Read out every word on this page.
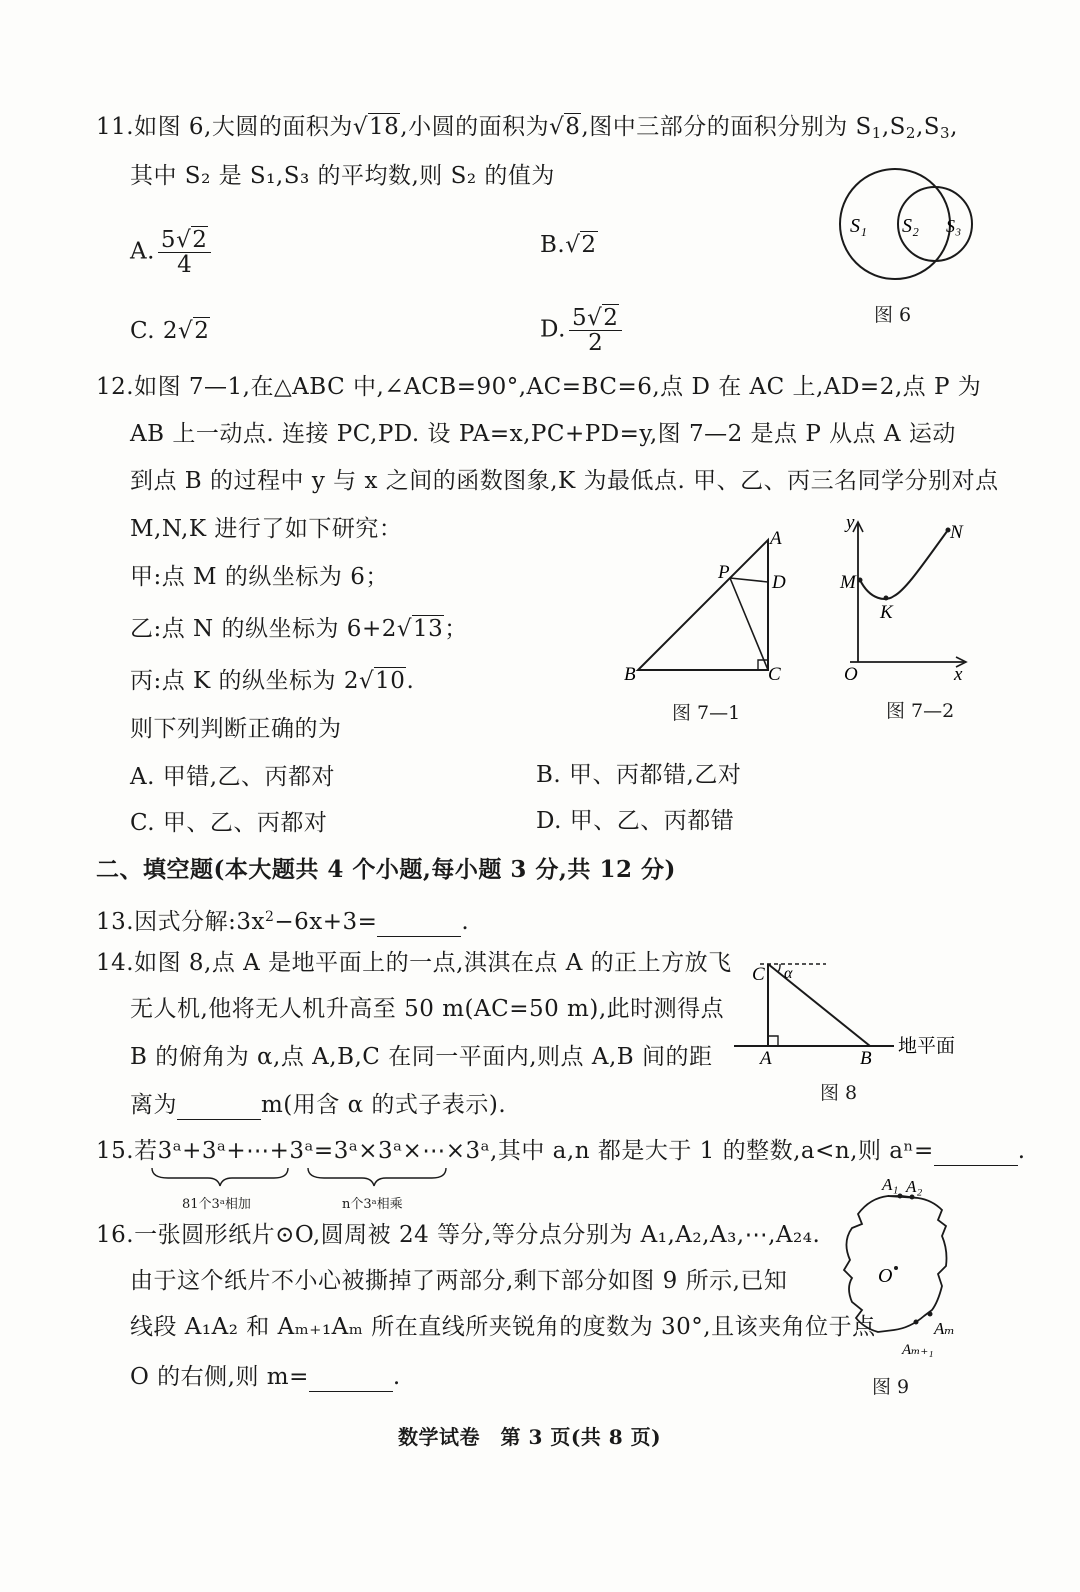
11.如图 6,大圆的面积为√18,小圆的面积为√8,图中三部分的面积分别为 $S_1,S_2,S_3$,
其中 S₂ 是 S₁,S₃ 的平均数,则 S₂ 的值为
A. $\frac{5√2}{4}$	B.√2
C. 2√2	D. $\frac{5√2}{2}$
S₁ S₂ S₃
图 6
12.如图 7—1,在△ABC 中,∠ACB=90°,AC=BC=6,点 D 在 AC 上,AD=2,点 P 为
AB 上一动点. 连接 PC,PD. 设 PA=x,PC+PD=y,图 7—2 是点 P 从点 A 运动
到点 B 的过程中 y 与 x 之间的函数图象,K 为最低点. 甲、乙、丙三名同学分别对点
M,N,K 进行了如下研究：
甲:点 M 的纵坐标为 6；
乙:点 N 的纵坐标为 6+2√13；
丙:点 K 的纵坐标为 2√10.
则下列判断正确的为
A. 甲错,乙、丙都对	B. 甲、丙都错,乙对
C. 甲、乙、丙都对	D. 甲、乙、丙都错
A
P D
B	C
图 7—1
y	N
M
K
O	x
图 7—2
二、填空题(本大题共 4 个小题,每小题 3 分,共 12 分)
13.因式分解$:3x^2-6x+3=$	.
14.如图 8,点 A 是地平面上的一点,淇淇在点 A 的正上方放飞
无人机,他将无人机升高至 50 m(AC=50 m),此时测得点
B 的俯角为 α,点 A,B,C 在同一平面内,则点 A,B 间的距
离为	m(用含 α 的式子表示).
C α
A	B
地平面
图 8
15.若3ᵃ+3ᵃ+⋯+3ᵃ=3ᵃ×3ᵃ×⋯×3ᵃ,其中 a,n 都是大于 1 的整数,a<n,则 aⁿ=	.
81个3ᵃ相加	n个3ᵃ相乘
16.一张圆形纸片⊙O,圆周被 24 等分,等分点分别为 A₁,A₂,A₃,⋯,A₂₄.
由于这个纸片不小心被撕掉了两部分,剩下部分如图 9 所示,已知
线段 A₁A₂ 和 Aₘ₊₁Aₘ 所在直线所夹锐角的度数为 30°,且该夹角位于点
O 的右侧,则 m=	.
A₁ A₂
O
Aₘ
Aₘ₊₁
图 9
数学试卷　第 3 页(共 8 页)
